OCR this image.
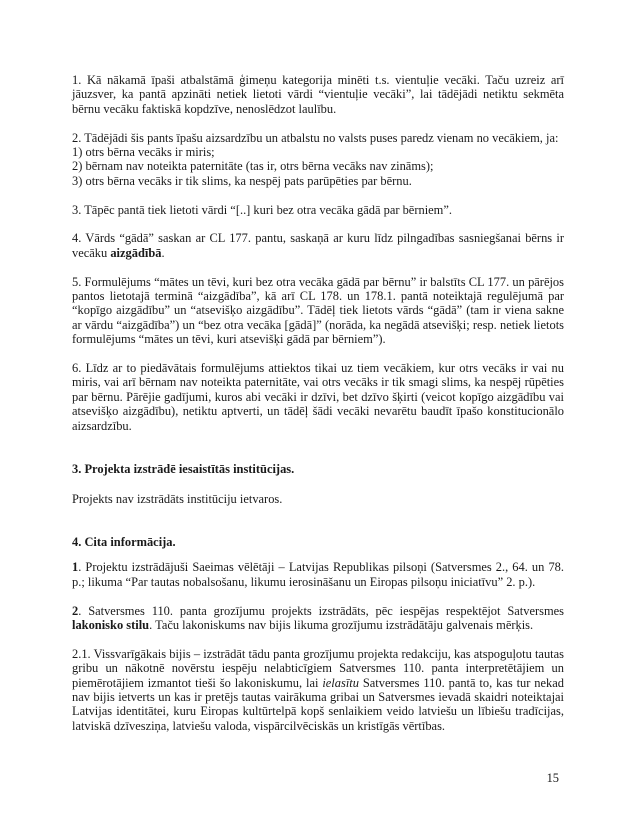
1. Kā nākamā īpaši atbalstāmā ģimeņu kategorija minēti t.s. vientuļie vecāki. Taču uzreiz arī jāuzsver, ka pantā apzināti netiek lietoti vārdi “vientuļie vecāki”, lai tādējādi netiktu sekmēta bērnu vecāku faktiskā kopdzīve, nenoslēdzot laulību.

2. Tādējādi šis pants īpašu aizsardzību un atbalstu no valsts puses paredz vienam no vecākiem, ja:
1) otrs bērna vecāks ir miris;
2) bērnam nav noteikta paternitāte (tas ir, otrs bērna vecāks nav zināms);
3) otrs bērna vecāks ir tik slims, ka nespēj pats parūpēties par bērnu.

3. Tāpēc pantā tiek lietoti vārdi “[..] kuri bez otra vecāka gādā par bērniem”.

4. Vārds “gādā” saskan ar CL 177. pantu, saskaņā ar kuru līdz pilngadības sasniegšanai bērns ir vecāku aizgādībā.

5. Formulējums “mātes un tēvi, kuri bez otra vecāka gādā par bērnu” ir balstīts CL 177. un pārējos pantos lietotajā terminā “aizgādība”, kā arī CL 178. un 178.1. pantā noteiktajā regulējumā par “kopīgo aizgādību” un “atsevišķo aizgādību”. Tādēļ tiek lietots vārds “gādā” (tam ir viena sakne ar vārdu “aizgādība”) un “bez otra vecāka [gādā]” (norāda, ka negādā atsevišķi; resp. netiek lietots formulējums “mātes un tēvi, kuri atsevišķi gādā par bērniem”).

6. Līdz ar to piedāvātais formulējums attiektos tikai uz tiem vecākiem, kur otrs vecāks ir vai nu miris, vai arī bērnam nav noteikta paternitāte, vai otrs vecāks ir tik smagi slims, ka nespēj rūpēties par bērnu. Pārējie gadījumi, kuros abi vecāki ir dzīvi, bet dzīvo šķirti (veicot kopīgo aizgādību vai atsevišķo aizgādību), netiktu aptverti, un tādēļ šādi vecāki nevarētu baudīt īpašo konstitucionālo aizsardzību.

3. Projekta izstrādē iesaistītās institūcijas.

Projekts nav izstrādāts institūciju ietvaros.

4. Cita informācija.

1. Projektu izstrādājuši Saeimas vēlētāji – Latvijas Republikas pilsoņi (Satversmes 2., 64. un 78. p.; likuma “Par tautas nobalsošanu, likumu ierosināšanu un Eiropas pilsoņu iniciatīvu” 2. p.).

2. Satversmes 110. panta grozījumu projekts izstrādāts, pēc iespējas respektējot Satversmes lakonisko stilu. Taču lakoniskums nav bijis likuma grozījumu izstrādātāju galvenais mērķis.

2.1. Vissvarīgākais bijis – izstrādāt tādu panta grozījumu projekta redakciju, kas atspoguļotu tautas gribu un nākotnē novērstu iespēju nelabticīgiem Satversmes 110. panta interpretētājiem un piemērotājiem izmantot tieši šo lakoniskumu, lai ielasītu Satversmes 110. pantā to, kas tur nekad nav bijis ietverts un kas ir pretējs tautas vairākuma gribai un Satversmes ievadā skaidri noteiktajai Latvijas identitātei, kuru Eiropas kultūrtelpā kopš senlaikiem veido latviešu un lībiešu tradīcijas, latviskā dzīvesziņa, latviešu valoda, vispārcilvēciskās un kristīgās vērtības.

15
